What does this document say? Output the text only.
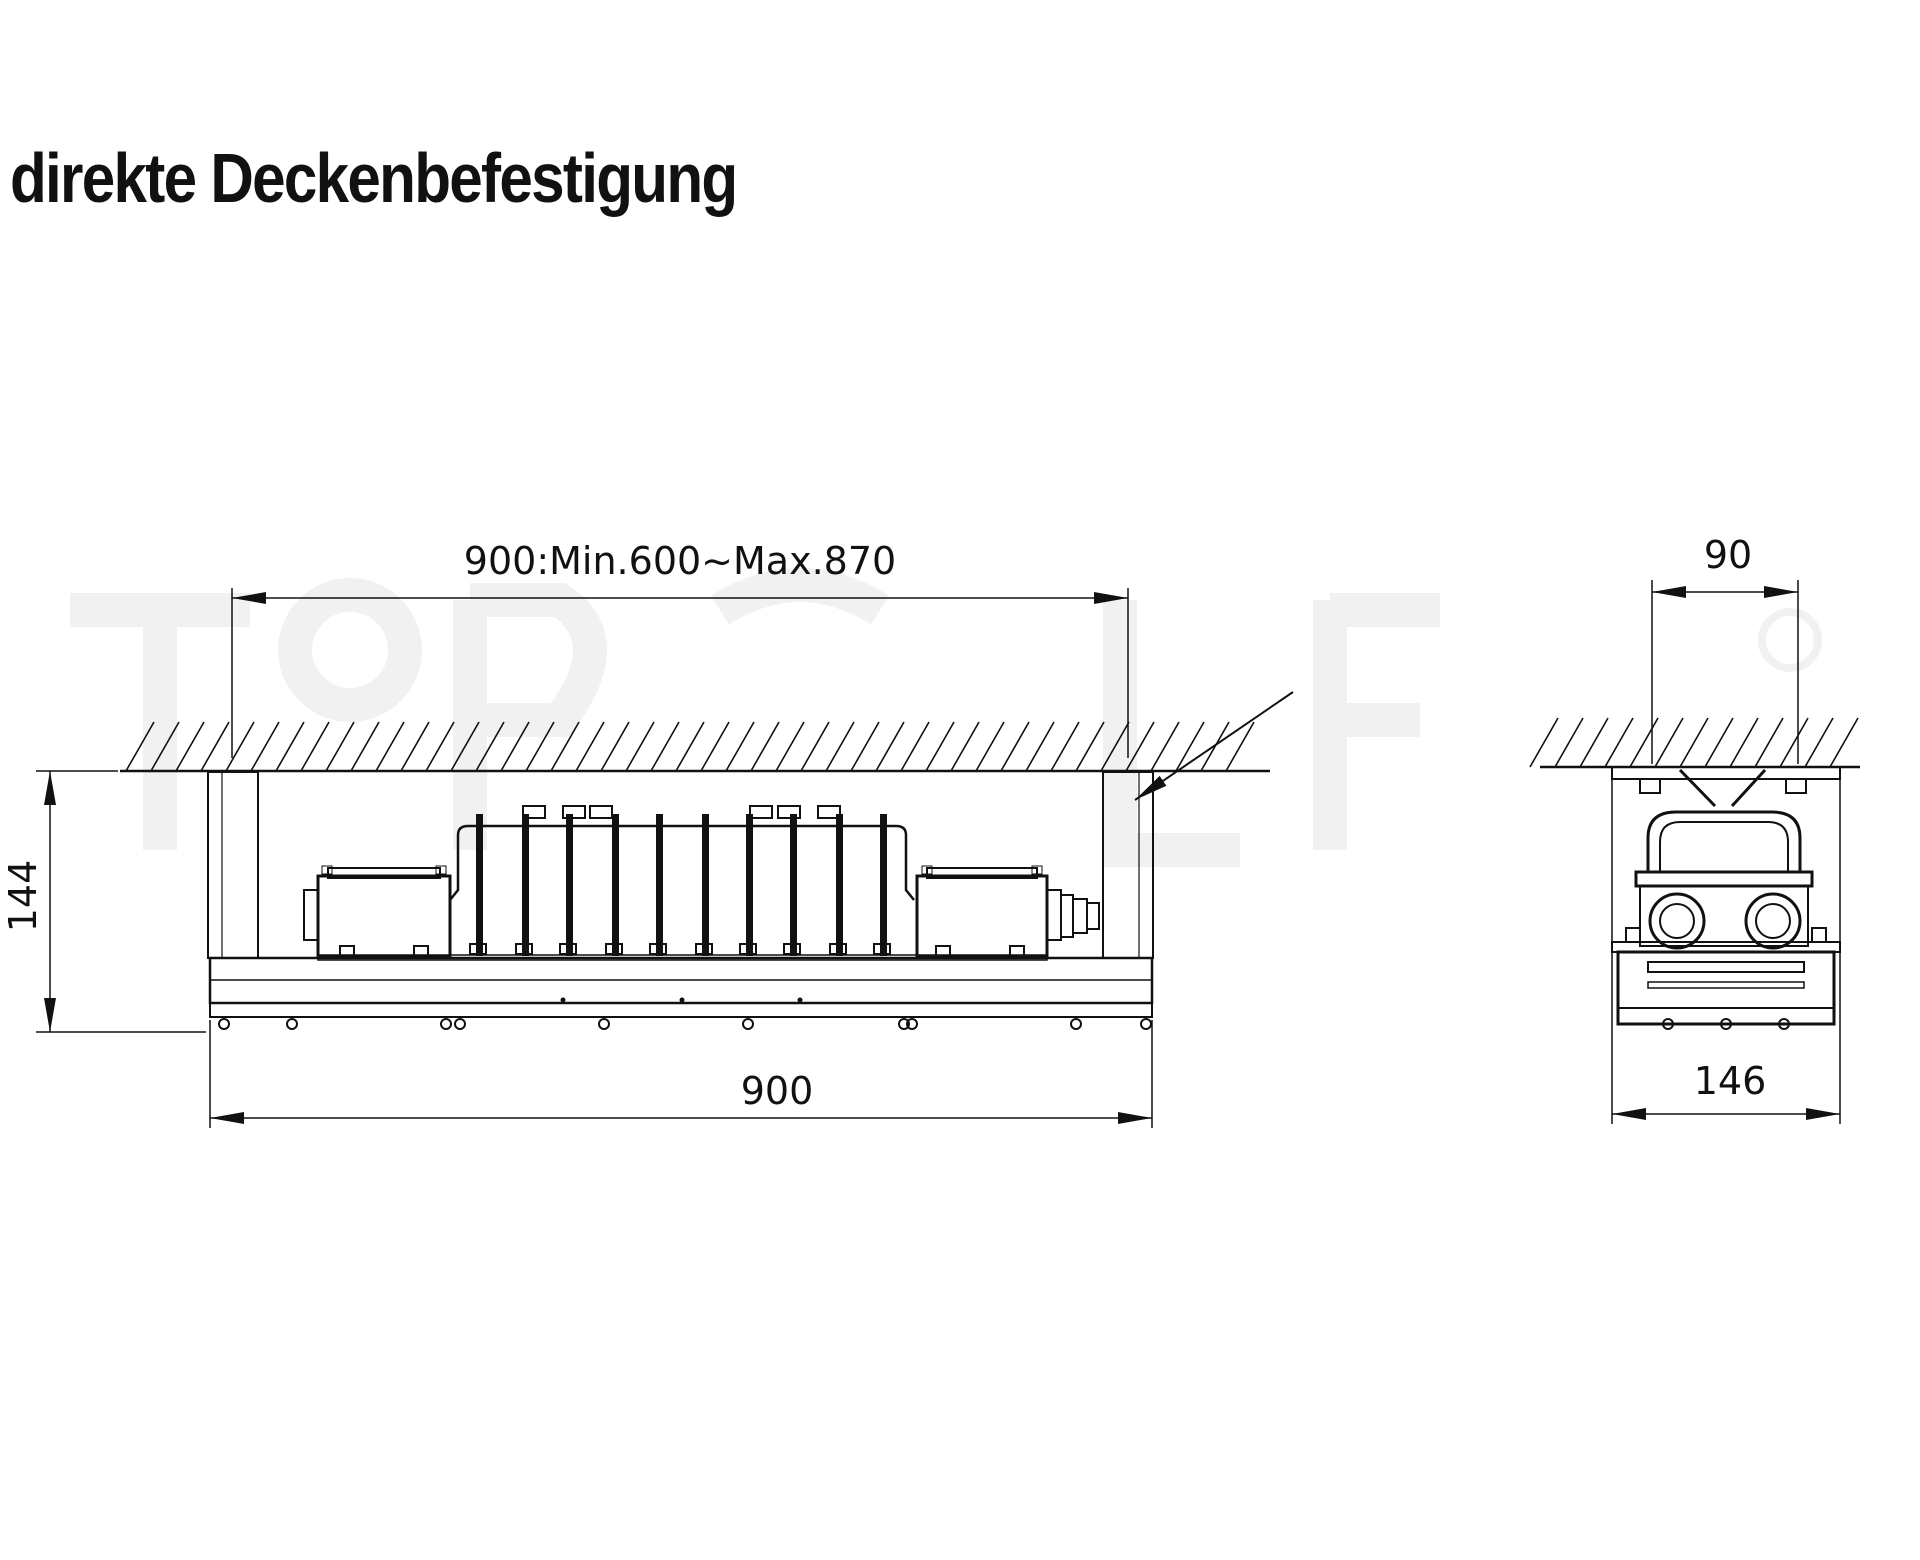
direkte Deckenbefestigung
900:Min.600~Max.870
900
144
90
146
